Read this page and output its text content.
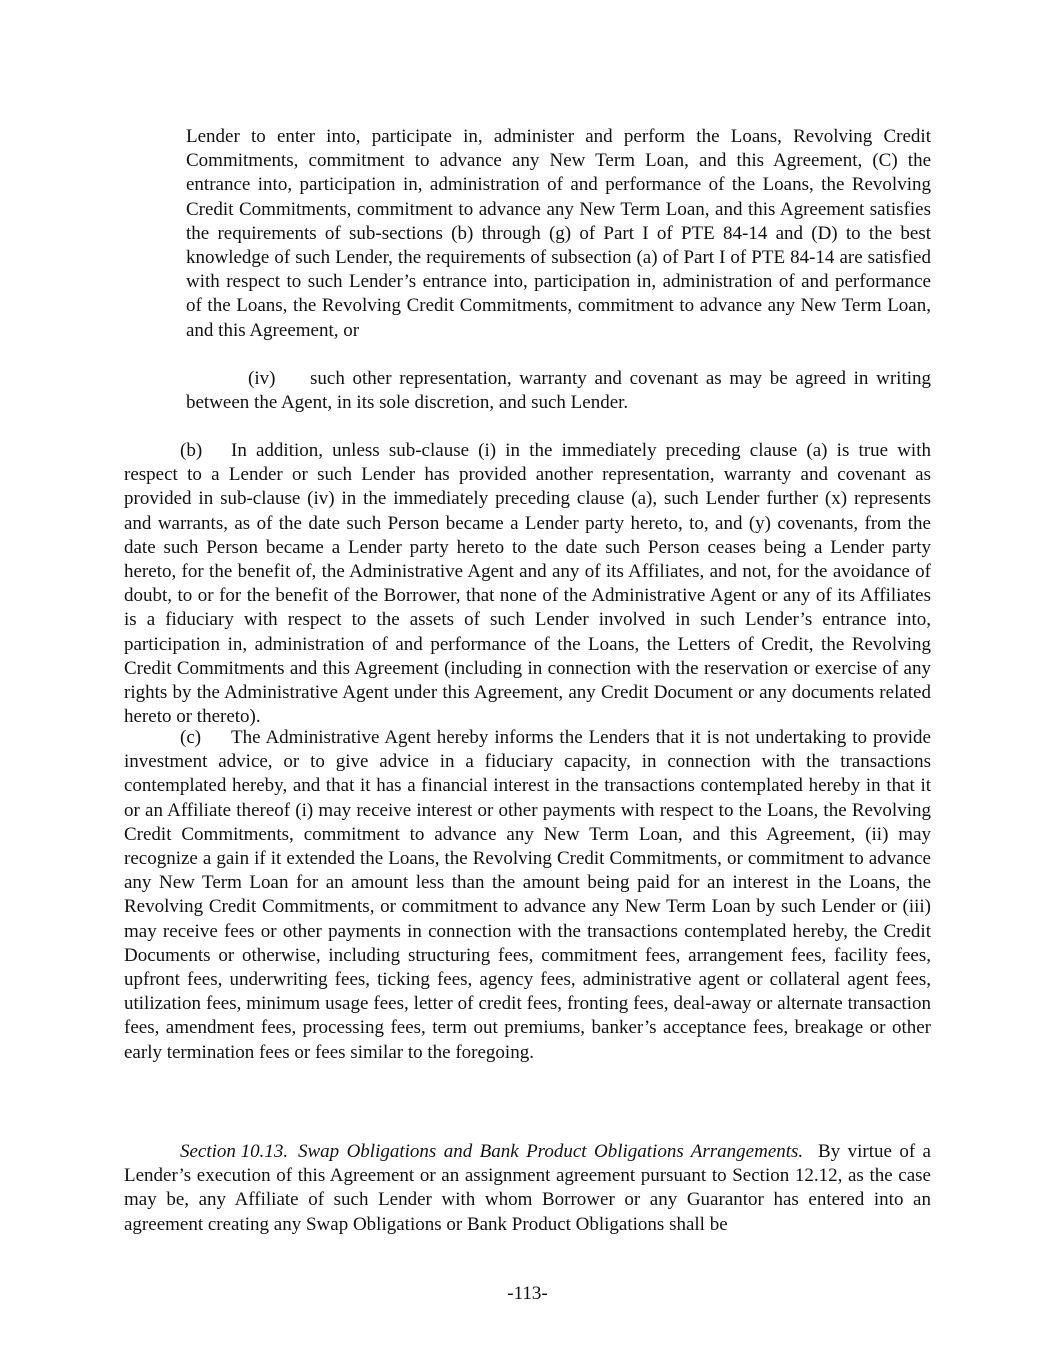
Lender to enter into, participate in, administer and perform the Loans, Revolving Credit Commitments, commitment to advance any New Term Loan, and this Agreement, (C) the entrance into, participation in, administration of and performance of the Loans, the Revolving Credit Commitments, commitment to advance any New Term Loan, and this Agreement satisfies the requirements of sub-sections (b) through (g) of Part I of PTE 84-14 and (D) to the best knowledge of such Lender, the requirements of subsection (a) of Part I of PTE 84-14 are satisfied with respect to such Lender’s entrance into, participation in, administration of and performance of the Loans, the Revolving Credit Commitments, commitment to advance any New Term Loan, and this Agreement, or

(iv) such other representation, warranty and covenant as may be agreed in writing between the Agent, in its sole discretion, and such Lender.

(b) In addition, unless sub-clause (i) in the immediately preceding clause (a) is true with respect to a Lender or such Lender has provided another representation, warranty and covenant as provided in sub-clause (iv) in the immediately preceding clause (a), such Lender further (x) represents and warrants, as of the date such Person became a Lender party hereto, to, and (y) covenants, from the date such Person became a Lender party hereto to the date such Person ceases being a Lender party hereto, for the benefit of, the Administrative Agent and any of its Affiliates, and not, for the avoidance of doubt, to or for the benefit of the Borrower, that none of the Administrative Agent or any of its Affiliates is a fiduciary with respect to the assets of such Lender involved in such Lender’s entrance into, participation in, administration of and performance of the Loans, the Letters of Credit, the Revolving Credit Commitments and this Agreement (including in connection with the reservation or exercise of any rights by the Administrative Agent under this Agreement, any Credit Document or any documents related hereto or thereto).

(c) The Administrative Agent hereby informs the Lenders that it is not undertaking to provide investment advice, or to give advice in a fiduciary capacity, in connection with the transactions contemplated hereby, and that it has a financial interest in the transactions contemplated hereby in that it or an Affiliate thereof (i) may receive interest or other payments with respect to the Loans, the Revolving Credit Commitments, commitment to advance any New Term Loan, and this Agreement, (ii) may recognize a gain if it extended the Loans, the Revolving Credit Commitments, or commitment to advance any New Term Loan for an amount less than the amount being paid for an interest in the Loans, the Revolving Credit Commitments, or commitment to advance any New Term Loan by such Lender or (iii) may receive fees or other payments in connection with the transactions contemplated hereby, the Credit Documents or otherwise, including structuring fees, commitment fees, arrangement fees, facility fees, upfront fees, underwriting fees, ticking fees, agency fees, administrative agent or collateral agent fees, utilization fees, minimum usage fees, letter of credit fees, fronting fees, deal-away or alternate transaction fees, amendment fees, processing fees, term out premiums, banker’s acceptance fees, breakage or other early termination fees or fees similar to the foregoing.

Section 10.13. Swap Obligations and Bank Product Obligations Arrangements. By virtue of a Lender’s execution of this Agreement or an assignment agreement pursuant to Section 12.12, as the case may be, any Affiliate of such Lender with whom Borrower or any Guarantor has entered into an agreement creating any Swap Obligations or Bank Product Obligations shall be

-113-
